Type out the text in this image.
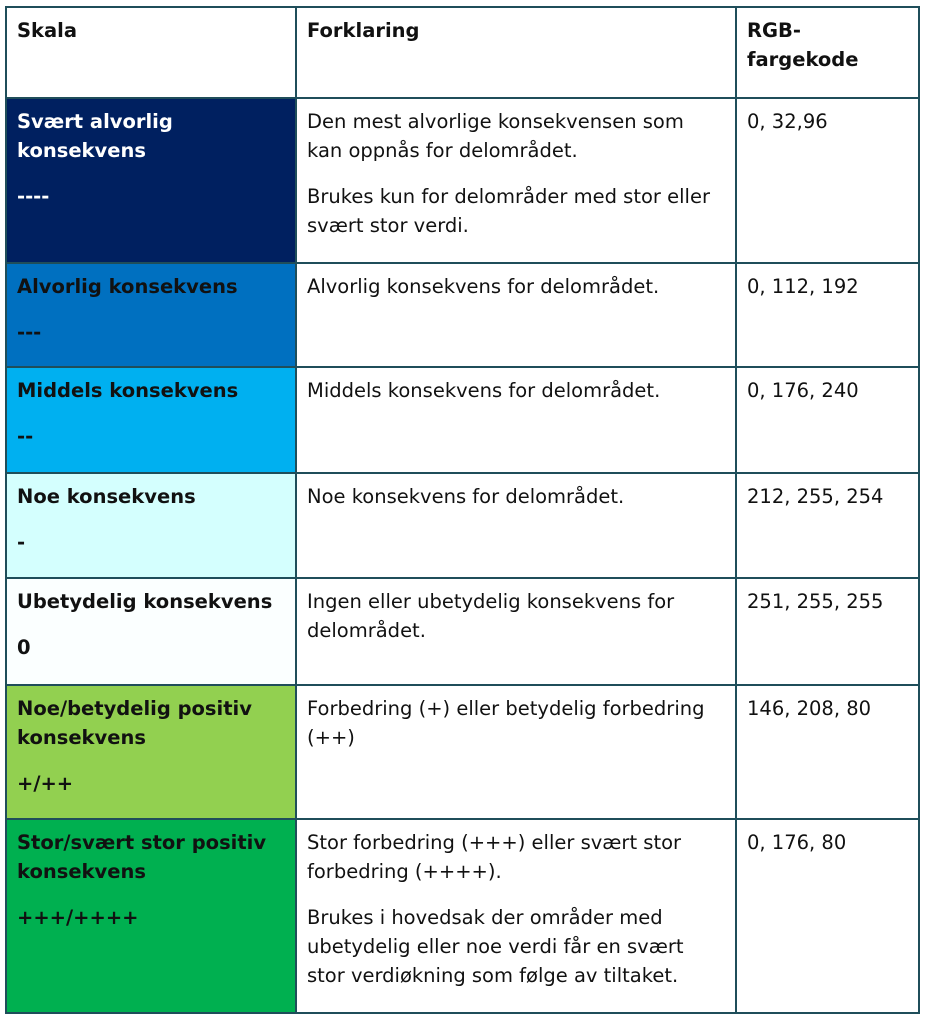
Skala	Forklaring	RGB-fargekode

Svært alvorlig konsekvens
----	Den mest alvorlige konsekvensen som kan oppnås for delområdet.
Brukes kun for delområder med stor eller svært stor verdi.	0, 32,96

Alvorlig konsekvens
---	Alvorlig konsekvens for delområdet.	0, 112, 192

Middels konsekvens
--	Middels konsekvens for delområdet.	0, 176, 240

Noe konsekvens
-	Noe konsekvens for delområdet.	212, 255, 254

Ubetydelig konsekvens
0	Ingen eller ubetydelig konsekvens for delområdet.	251, 255, 255

Noe/betydelig positiv konsekvens
+/++	Forbedring (+) eller betydelig forbedring (++)	146, 208, 80

Stor/svært stor positiv konsekvens
+++/++++	Stor forbedring (+++) eller svært stor forbedring (++++).
Brukes i hovedsak der områder med ubetydelig eller noe verdi får en svært stor verdiøkning som følge av tiltaket.	0, 176, 80
